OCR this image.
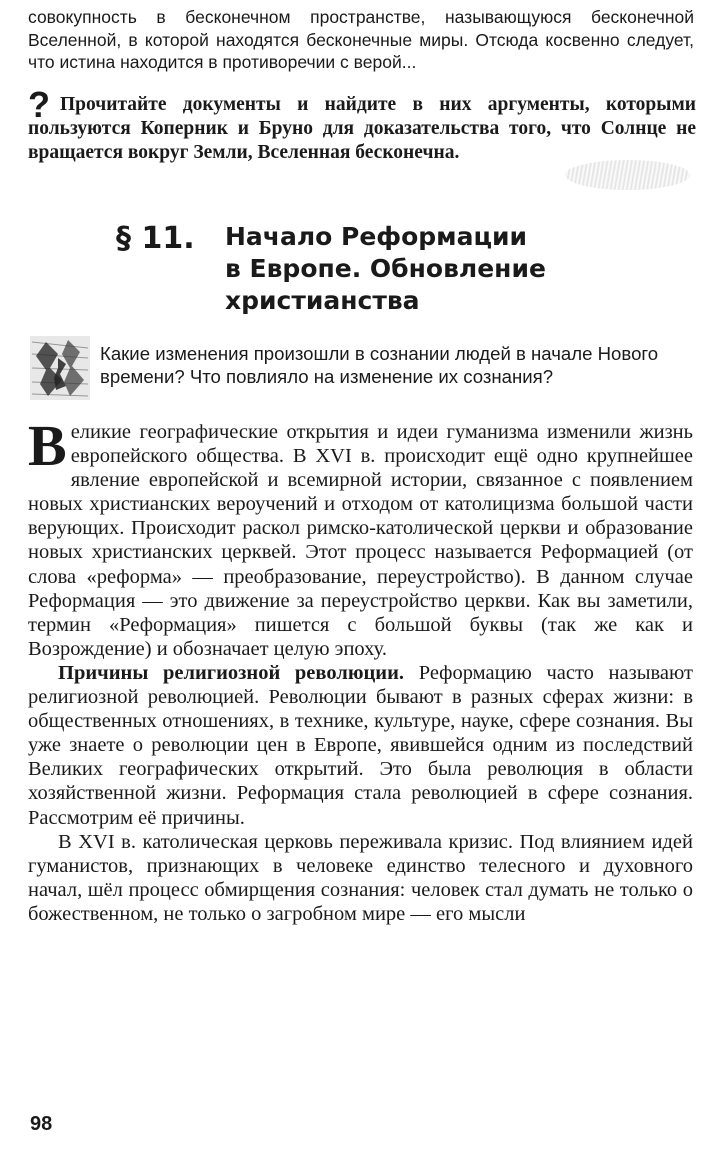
совокупность в бесконечном пространстве, называющуюся бесконечной Вселенной, в которой находятся бесконечные миры. Отсюда косвенно следует, что истина находится в противоречии с верой...

? Прочитайте документы и найдите в них аргументы, которыми пользуются Коперник и Бруно для доказательства того, что Солнце не вращается вокруг Земли, Вселенная бесконечна.

§ 11. Начало Реформации
в Европе. Обновление
христианства

Какие изменения произошли в сознании людей в начале Нового времени? Что повлияло на изменение их сознания?

Великие географические открытия и идеи гуманизма изменили жизнь европейского общества. В XVI в. происходит ещё одно крупнейшее явление европейской и всемирной истории, связанное с появлением новых христианских вероучений и отходом от католицизма большой части верующих. Происходит раскол римско-католической церкви и образование новых христианских церквей. Этот процесс называется Реформацией (от слова «реформа» — преобразование, переустройство). В данном случае Реформация — это движение за переустройство церкви. Как вы заметили, термин «Реформация» пишется с большой буквы (так же как и Возрождение) и обозначает целую эпоху.

Причины религиозной революции. Реформацию часто называют религиозной революцией. Революции бывают в разных сферах жизни: в общественных отношениях, в технике, культуре, науке, сфере сознания. Вы уже знаете о революции цен в Европе, явившейся одним из последствий Великих географических открытий. Это была революция в области хозяйственной жизни. Реформация стала революцией в сфере сознания. Рассмотрим её причины.

В XVI в. католическая церковь переживала кризис. Под влиянием идей гуманистов, признающих в человеке единство телесного и духовного начал, шёл процесс обмирщения сознания: человек стал думать не только о божественном, не только о загробном мире — его мысли

98
